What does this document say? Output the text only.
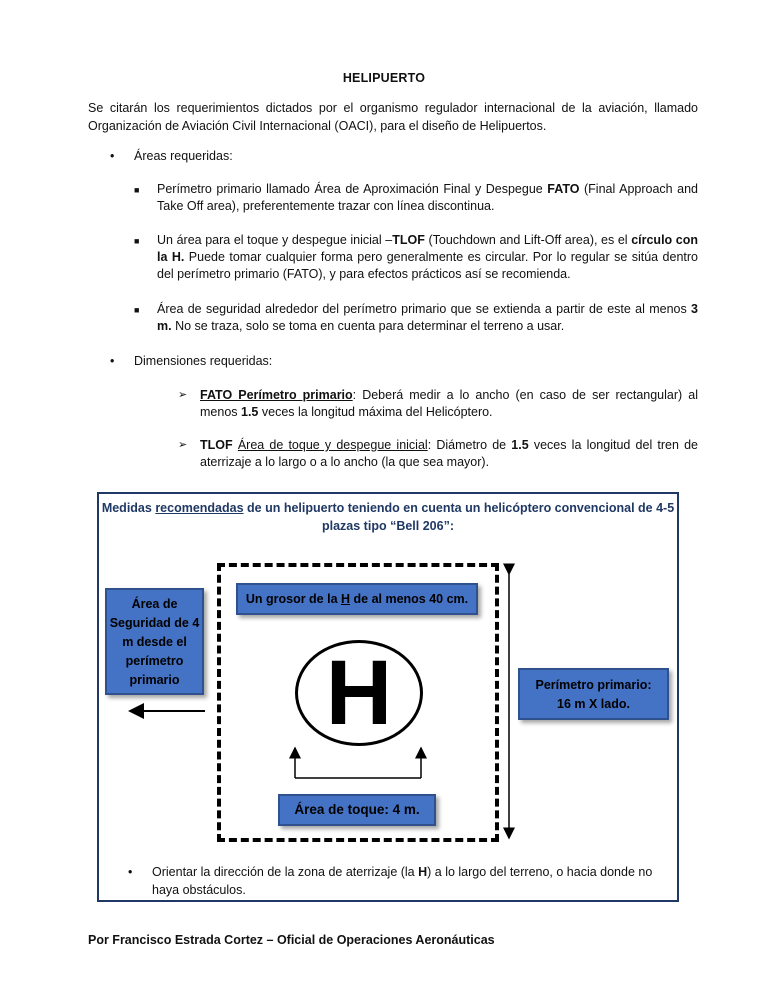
HELIPUERTO
Se citarán los requerimientos dictados por el organismo regulador internacional de la aviación, llamado Organización de Aviación Civil Internacional (OACI), para el diseño de Helipuertos.
• Áreas requeridas:
■ Perímetro primario llamado Área de Aproximación Final y Despegue FATO (Final Approach and Take Off area), preferentemente trazar con línea discontinua.
■ Un área para el toque y despegue inicial –TLOF (Touchdown and Lift-Off area), es el círculo con la H. Puede tomar cualquier forma pero generalmente es circular. Por lo regular se sitúa dentro del perímetro primario (FATO), y para efectos prácticos así se recomienda.
■ Área de seguridad alrededor del perímetro primario que se extienda a partir de este al menos 3 m. No se traza, solo se toma en cuenta para determinar el terreno a usar.
• Dimensiones requeridas:
➢ FATO Perímetro primario: Deberá medir a lo ancho (en caso de ser rectangular) al menos 1.5 veces la longitud máxima del Helicóptero.
➢ TLOF Área de toque y despegue inicial: Diámetro de 1.5 veces la longitud del tren de aterrizaje a lo largo o a lo ancho (la que sea mayor).
Medidas recomendadas de un helipuerto teniendo en cuenta un helicóptero convencional de 4-5 plazas tipo “Bell 206”:
Un grosor de la H de al menos 40 cm.
Área de Seguridad de 4 m desde el perímetro primario	Perímetro primario:
16 m X lado.
H
Área de toque: 4 m.
• Orientar la dirección de la zona de aterrizaje (la H) a lo largo del terreno, o hacia donde no haya obstáculos.
Por Francisco Estrada Cortez – Oficial de Operaciones Aeronáuticas
